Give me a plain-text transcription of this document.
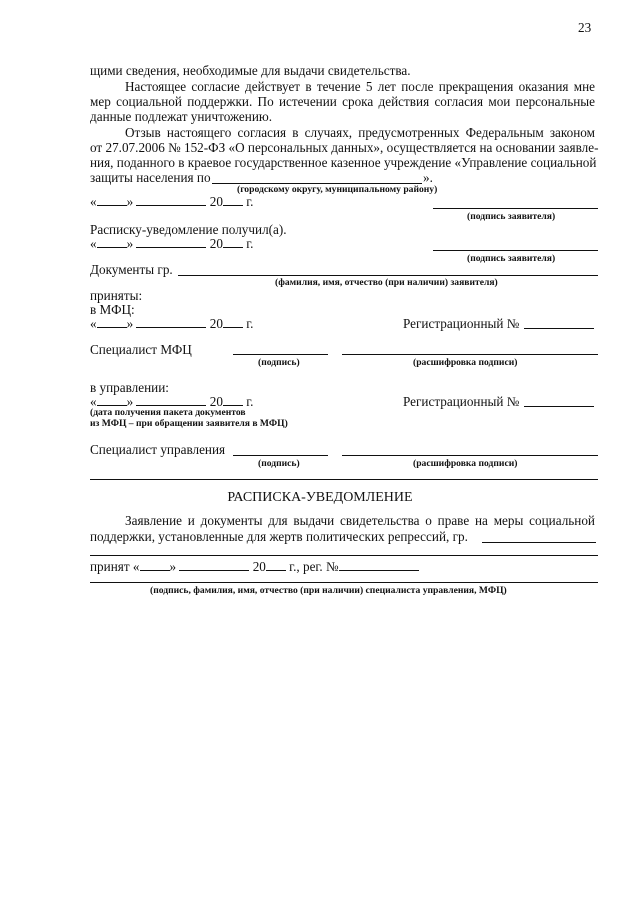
23
щими сведения, необходимые для выдачи свидетельства.
Настоящее согласие действует в течение 5 лет после прекращения оказания мне
мер социальной поддержки. По истечении срока действия согласия мои персональные
данные подлежат уничтожению.
Отзыв настоящего согласия в случаях, предусмотренных Федеральным законом
от 27.07.2006 № 152-ФЗ «О персональных данных», осуществляется на основании заявле-
ния, поданного в краевое государственное казенное учреждение «Управление социальной
защиты населения по	».
(городскому округу, муниципальному району)
« »	20 г.
(подпись заявителя)
Расписку-уведомление получил(а).
« »	20 г.
(подпись заявителя)
Документы гр.
(фамилия, имя, отчество (при наличии) заявителя)
приняты:
в МФЦ:
« »	20 г.	Регистрационный №
Специалист МФЦ
(подпись)	(расшифровка подписи)
в управлении:
« »	20 г.	Регистрационный №
(дата получения пакета документов
из МФЦ – при обращении заявителя в МФЦ)
Специалист управления
(подпись)	(расшифровка подписи)
РАСПИСКА-УВЕДОМЛЕНИЕ
Заявление и документы для выдачи свидетельства о праве на меры социальной
поддержки, установленные для жертв политических репрессий, гр.
принят « »	20 г., рег. №
(подпись, фамилия, имя, отчество (при наличии) специалиста управления, МФЦ)
